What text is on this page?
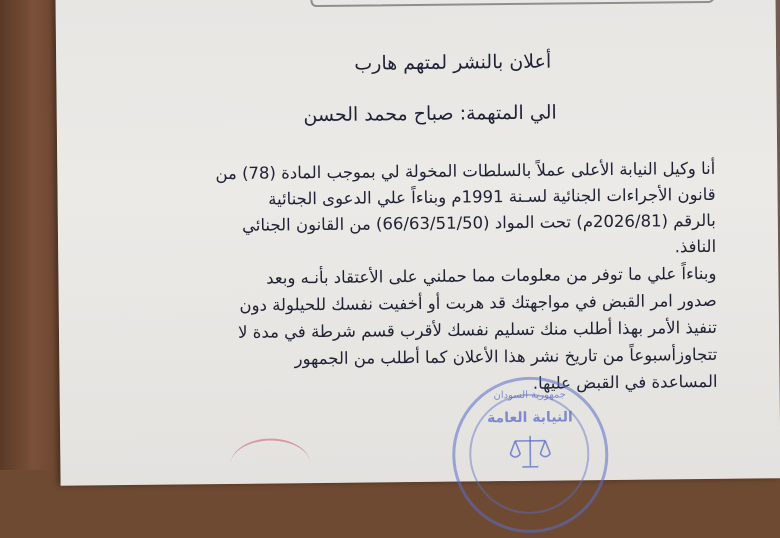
أعلان بالنشر لمتهم هارب
الي المتهمة: صباح محمد الحسن
أنا وكيل النيابة الأعلى عملاً بالسلطات المخولة لي بموجب المادة (78) من
قانون الأجراءات الجنائية لسـنة 1991م وبناءاً علي الدعوى الجنائية
بالرقم (2026/81م) تحت المواد (66/63/51/50) من القانون الجنائي
النافذ.
وبناءاً علي ما توفر من معلومات مما حملني على الأعتقاد بأنـه وبعد
صدور امر القبض في مواجهتك قد هربت أو أخفيت نفسك للحيلولة دون
تنفيذ الأمر بهذا أطلب منك تسليم نفسك لأقرب قسم شرطة في مدة لا
تتجاوزأسبوعاً من تاريخ نشر هذا الأعلان كما أطلب من الجمهور
المساعدة في القبض عليها.
جمهورية السودان
النيابة العامة
